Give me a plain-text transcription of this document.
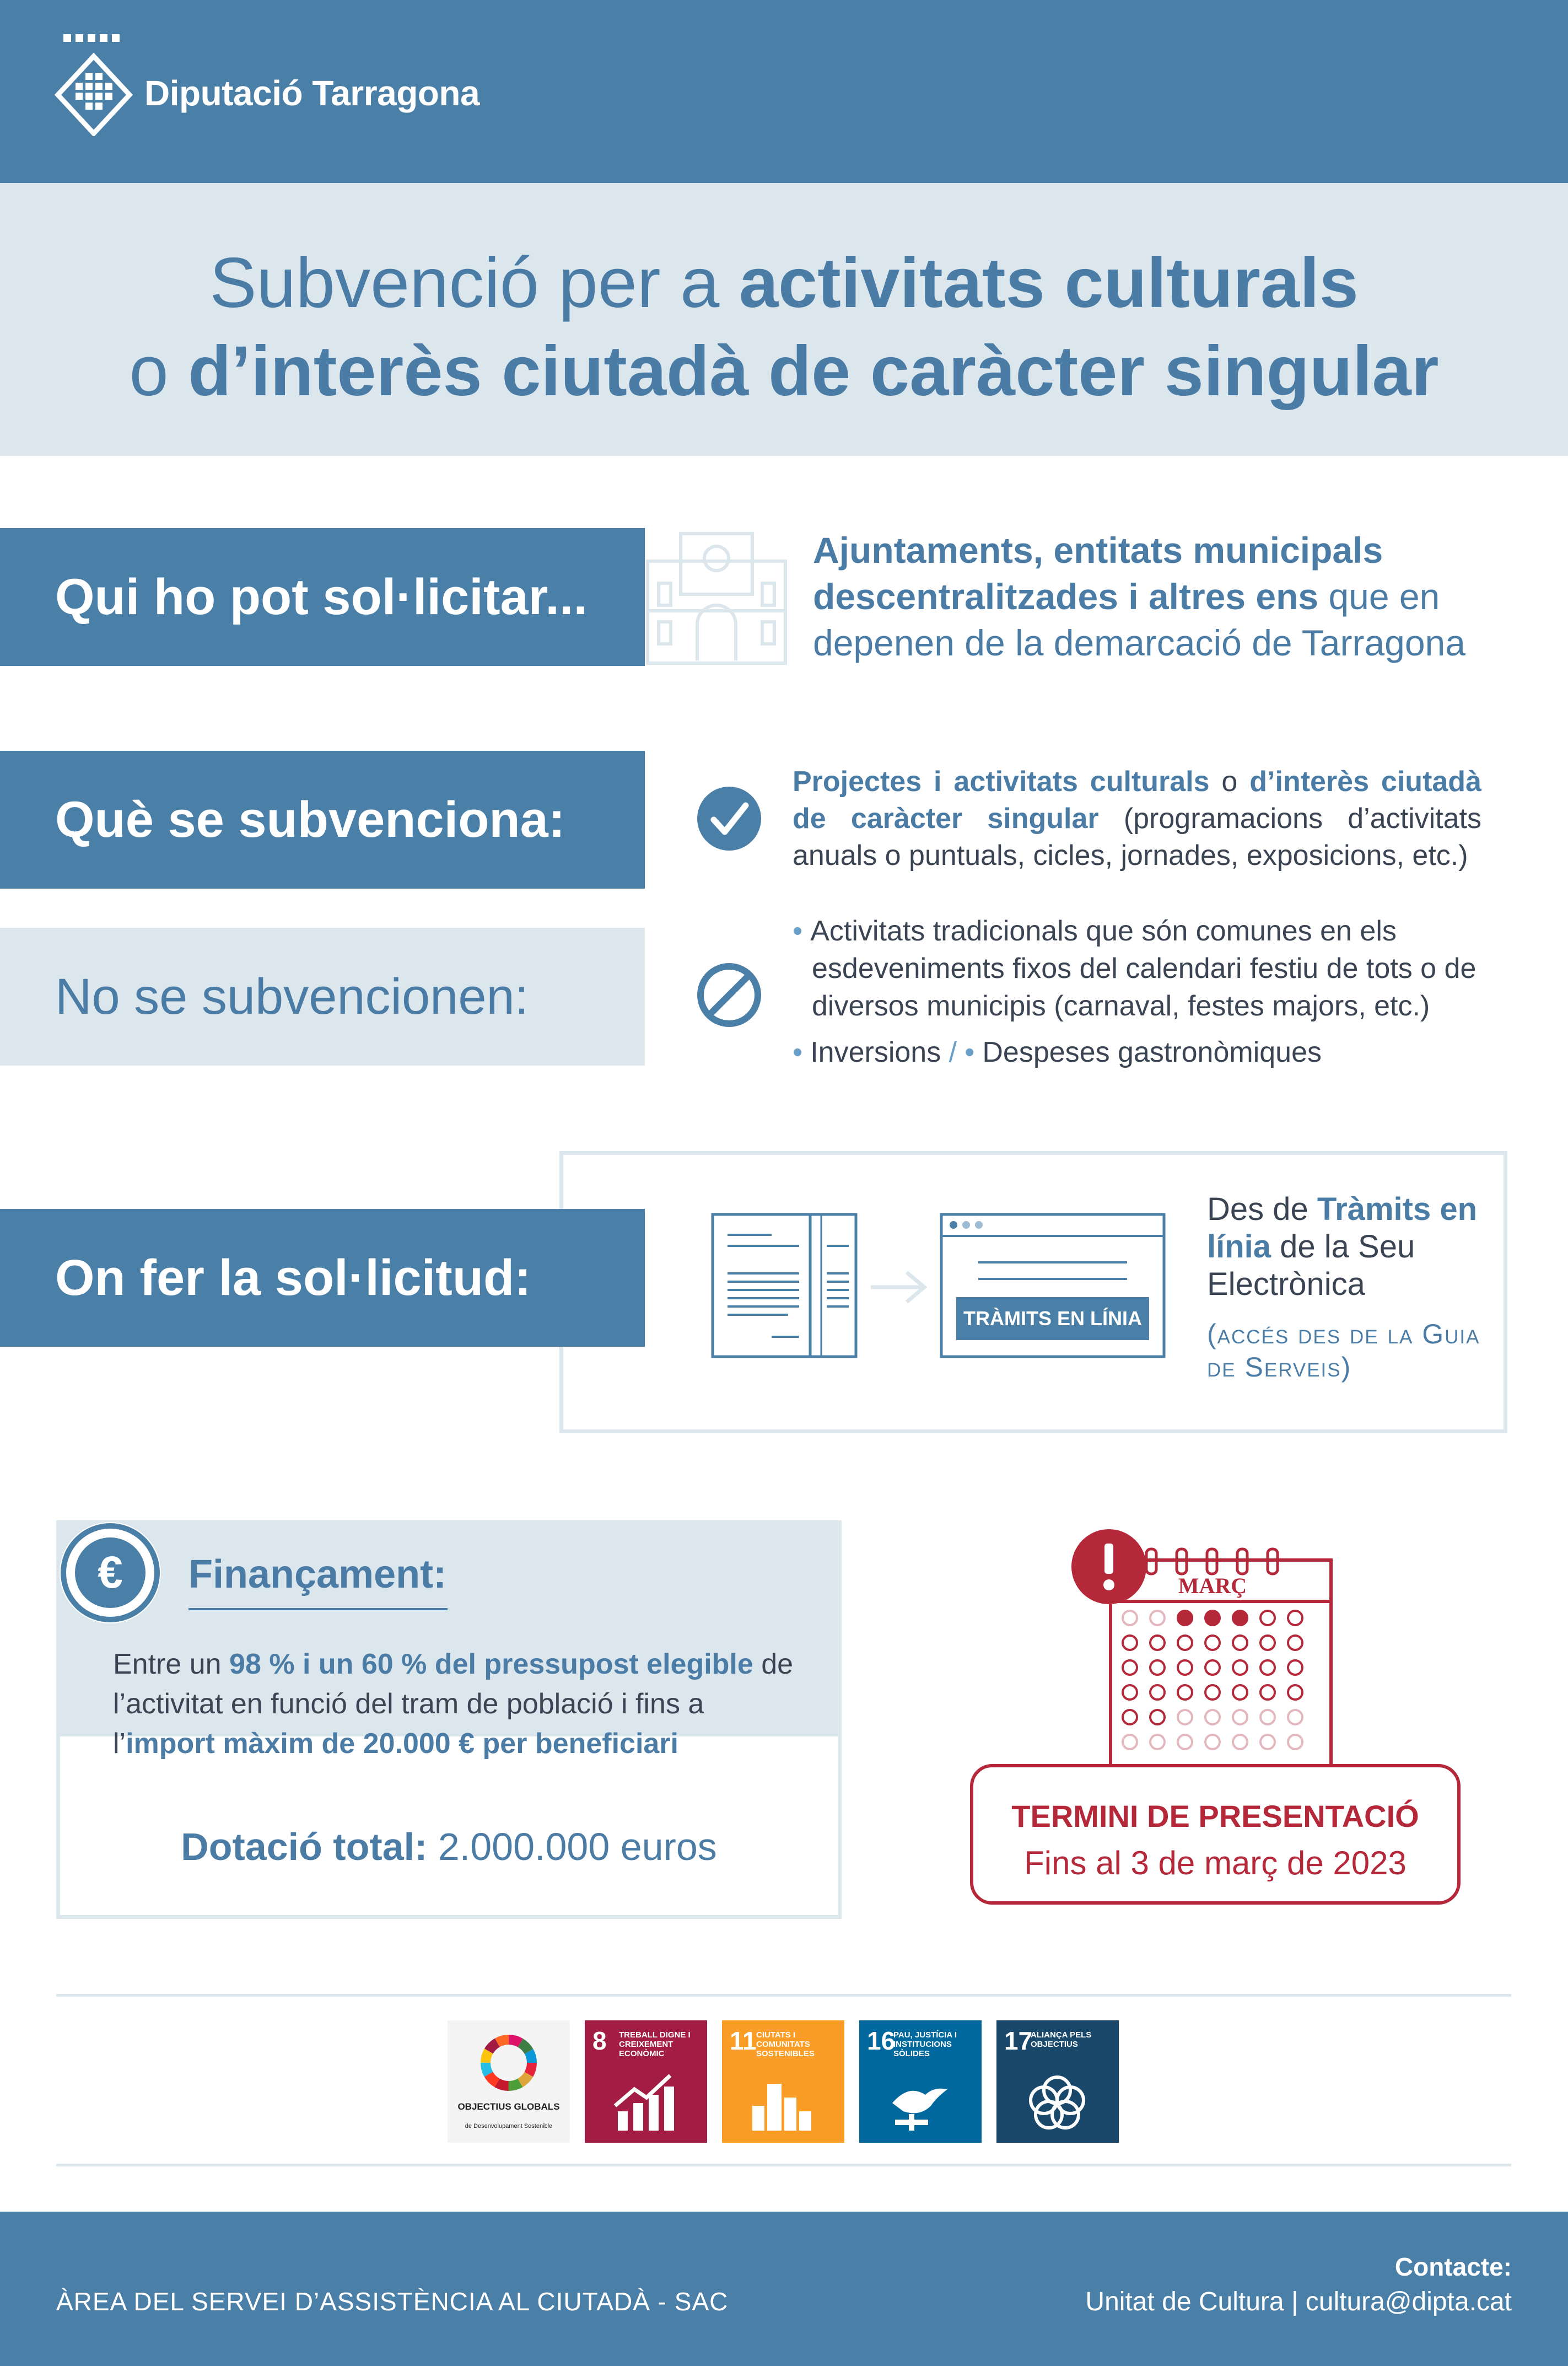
Diputació Tarragona
Subvenció per a activitats culturals
o d’interès ciutadà de caràcter singular
Qui ho pot sol·licitar...
Ajuntaments, entitats municipals descentralitzades i altres ens que en depenen de la demarcació de Tarragona
Què se subvenciona:
Projectes i activitats culturals o d’interès ciutadà de caràcter singular (programacions d’activitats anuals o puntuals, cicles, jornades, exposicions, etc.)
No se subvencionen:
• Activitats tradicionals que són comunes en els esdeveniments fixos del calendari festiu de tots o de diversos municipis (carnaval, festes majors, etc.)
• Inversions / • Despeses gastronòmiques
On fer la sol·licitud:
TRÀMITS EN LÍNIA
Des de Tràmits en línia de la Seu Electrònica
(accés des de la Guia de Serveis)
€ Finançament:
Entre un 98 % i un 60 % del pressupost elegible de l’activitat en funció del tram de població i fins a l’import màxim de 20.000 € per beneficiari
Dotació total: 2.000.000 euros
MARÇ
TERMINI DE PRESENTACIÓ
Fins al 3 de març de 2023
OBJECTIUS GLOBALS
de Desenvolupament Sostenible
8 TREBALL DIGNE I CREIXEMENT ECONÒMIC	11 CIUTATS I COMUNITATS SOSTENIBLES	16
PAU, JUSTÍCIA I INSTITUCIONS SÒLIDES	17
ALIANÇA PELS OBJECTIUS
ÀREA DEL SERVEI D’ASSISTÈNCIA AL CIUTADÀ - SAC
Contacte:
Unitat de Cultura | cultura@dipta.cat
